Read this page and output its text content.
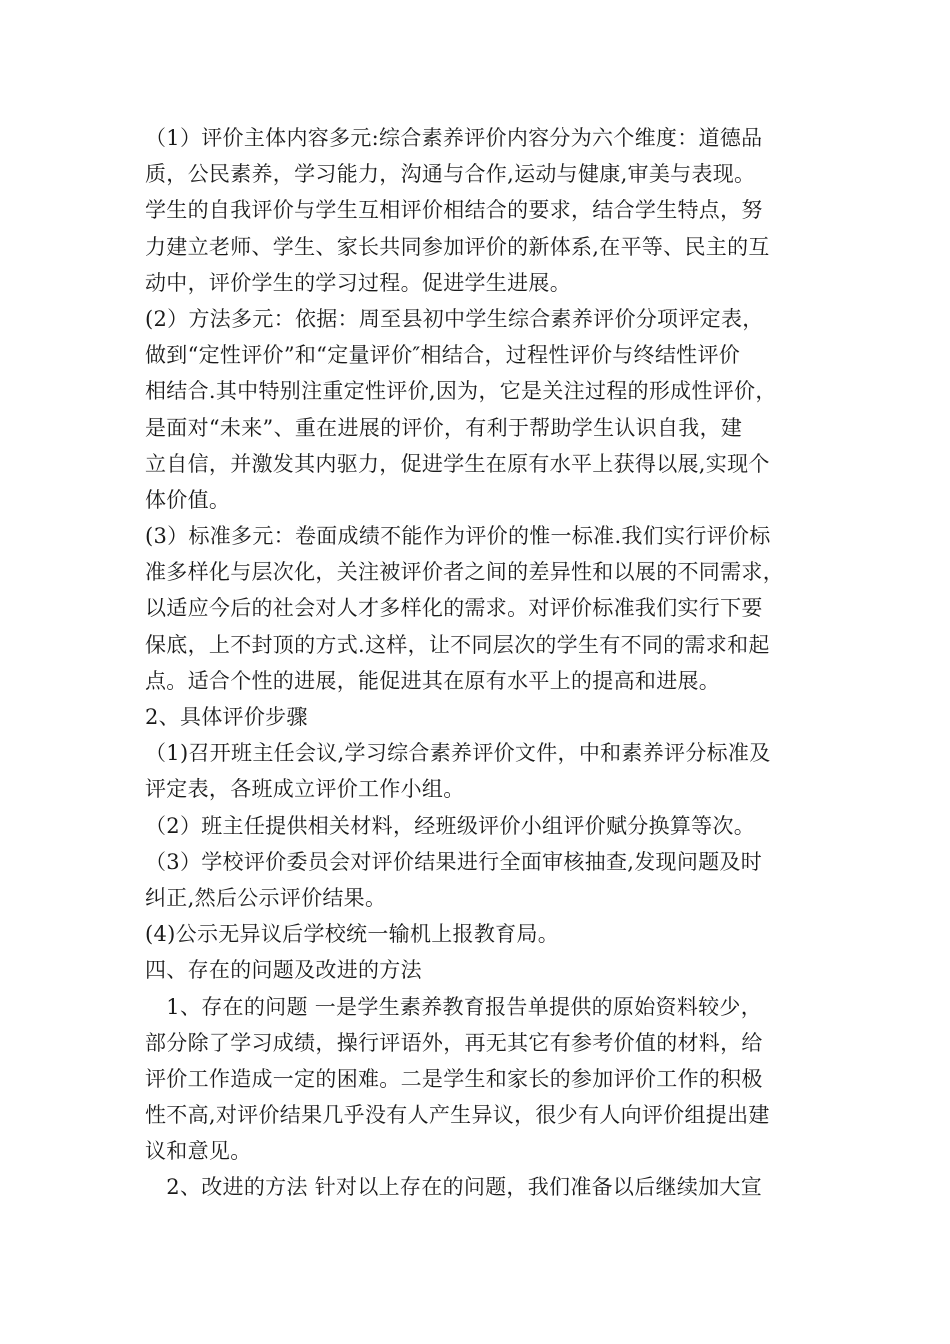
（1）评价主体内容多元:综合素养评价内容分为六个维度：道德品
质，公民素养，学习能力，沟通与合作,运动与健康,审美与表现。
学生的自我评价与学生互相评价相结合的要求，结合学生特点，努
力建立老师、学生、家长共同参加评价的新体系,在平等、民主的互
动中，评价学生的学习过程。促进学生进展。
(2）方法多元：依据：周至县初中学生综合素养评价分项评定表，
做到“定性评价”和“定量评价″相结合，过程性评价与终结性评价
相结合.其中特别注重定性评价,因为，它是关注过程的形成性评价，
是面对“未来”、重在进展的评价，有利于帮助学生认识自我，建
立自信，并激发其内驱力，促进学生在原有水平上获得以展,实现个
体价值。
(3）标准多元：卷面成绩不能作为评价的惟一标准.我们实行评价标
准多样化与层次化，关注被评价者之间的差异性和以展的不同需求，
以适应今后的社会对人才多样化的需求。对评价标准我们实行下要
保底，上不封顶的方式.这样，让不同层次的学生有不同的需求和起
点。适合个性的进展，能促进其在原有水平上的提高和进展。
2、具体评价步骤
（1)召开班主任会议,学习综合素养评价文件，中和素养评分标准及
评定表，各班成立评价工作小组。
（2）班主任提供相关材料，经班级评价小组评价赋分换算等次。
（3）学校评价委员会对评价结果进行全面审核抽查,发现问题及时
纠正,然后公示评价结果。
(4)公示无异议后学校统一输机上报教育局。
四、存在的问题及改进的方法
　1、存在的问题 一是学生素养教育报告单提供的原始资料较少，
部分除了学习成绩，操行评语外，再无其它有参考价值的材料，给
评价工作造成一定的困难。二是学生和家长的参加评价工作的积极
性不高,对评价结果几乎没有人产生异议，很少有人向评价组提出建
议和意见。
　2、改进的方法 针对以上存在的问题，我们准备以后继续加大宣
